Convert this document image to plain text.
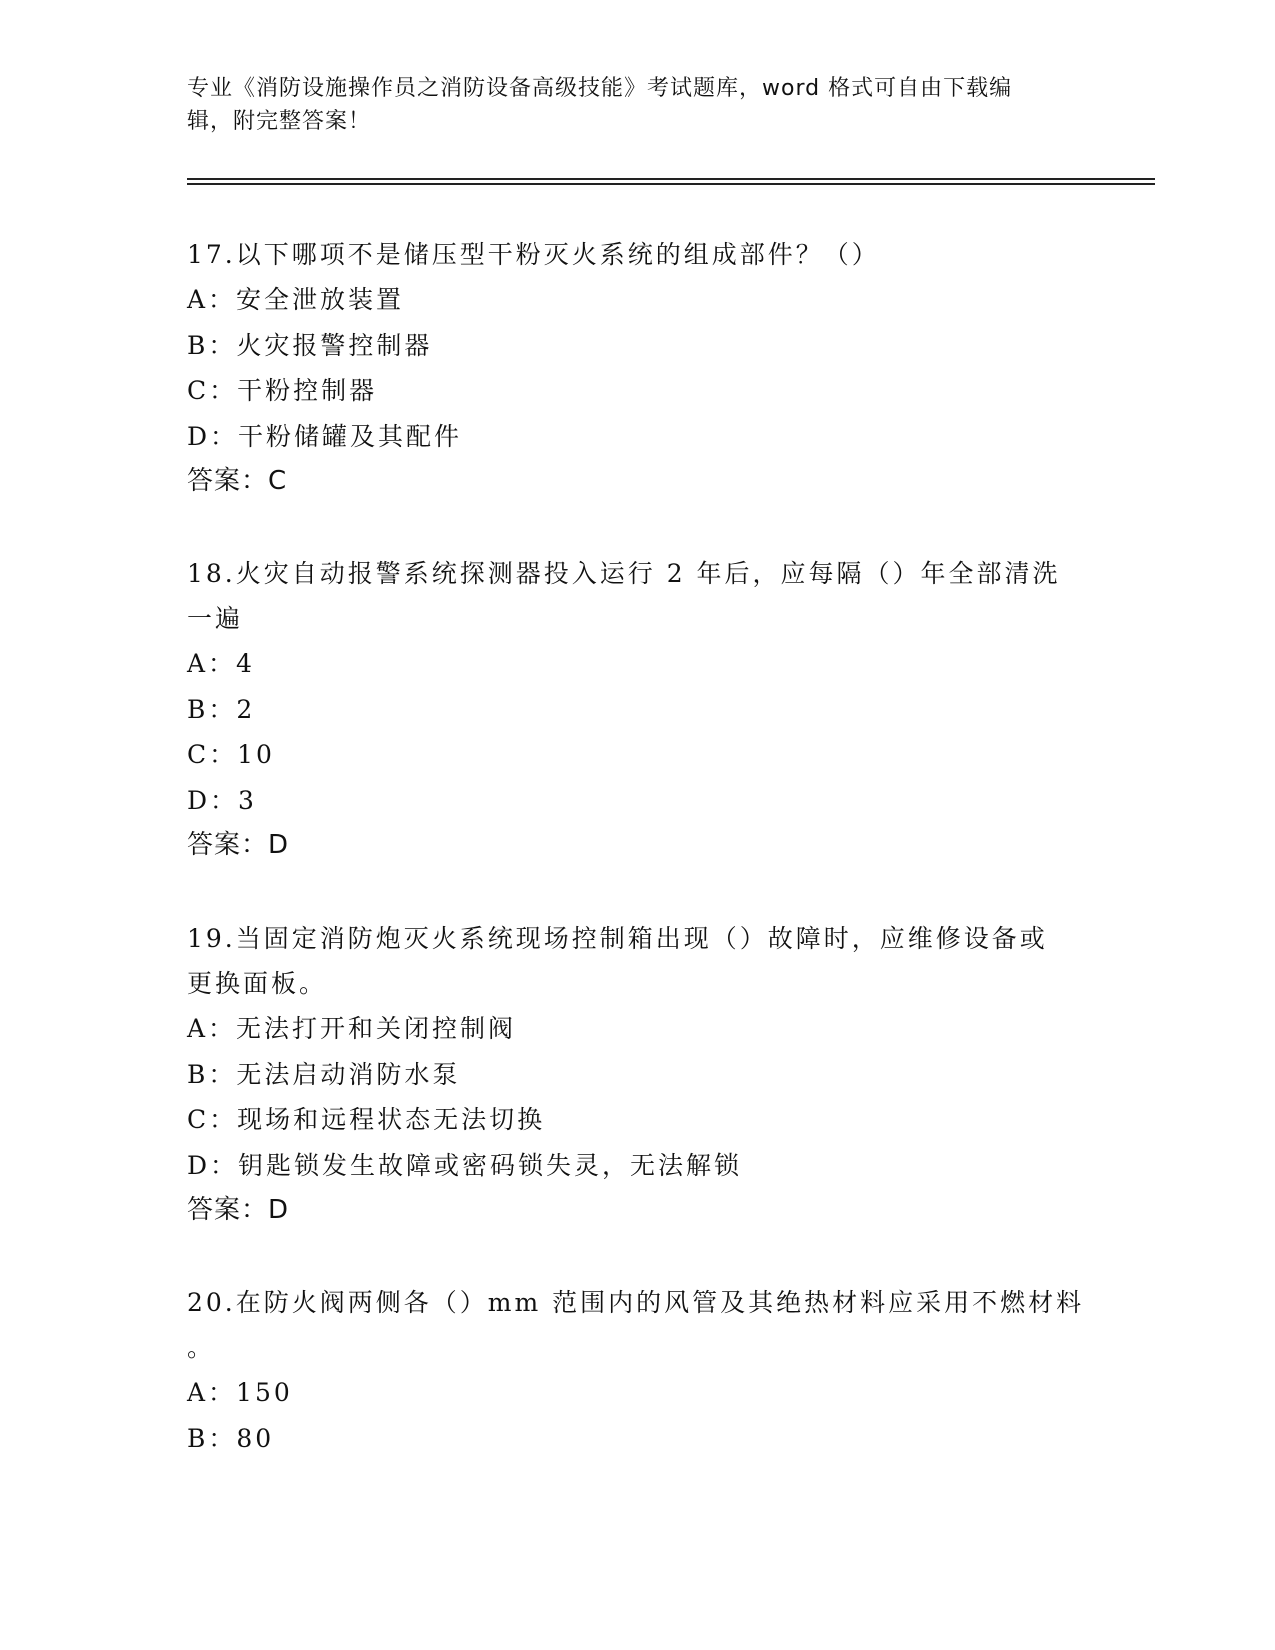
专业《消防设施操作员之消防设备高级技能》考试题库，word 格式可自由下载编
辑，附完整答案！
17.以下哪项不是储压型干粉灭火系统的组成部件？（）
A：安全泄放装置
B：火灾报警控制器
C：干粉控制器
D：干粉储罐及其配件
答案：C
18.火灾自动报警系统探测器投入运行 2 年后，应每隔（）年全部清洗
一遍
A：4
B：2
C：10
D：3
答案：D
19.当固定消防炮灭火系统现场控制箱出现（）故障时，应维修设备或
更换面板。
A：无法打开和关闭控制阀
B：无法启动消防水泵
C：现场和远程状态无法切换
D：钥匙锁发生故障或密码锁失灵，无法解锁
答案：D
20.在防火阀两侧各（）mm 范围内的风管及其绝热材料应采用不燃材料
。
A：150
B：80
